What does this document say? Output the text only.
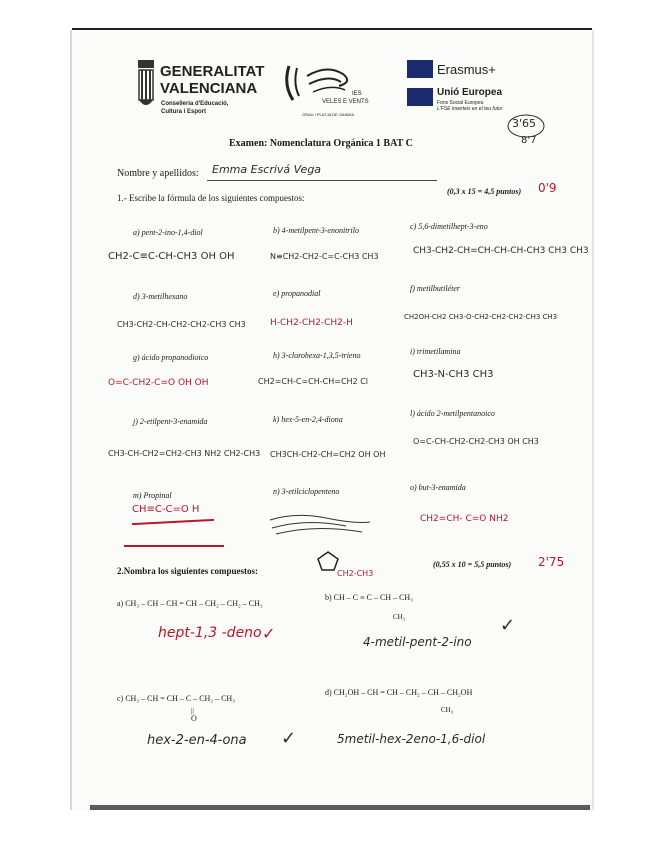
GENERALITAT
VALENCIANA
Conselleria d'Educació,
Cultura i Esport
IES
VELES E VENTS
GRAU I PLATJA DE GANDIA
Erasmus+
Unió Europea
Fons Social Europeu
L'FSE inverteix en el teu futur
3'65
8'7
Examen: Nomenclatura Orgánica 1 BAT C
Nombre y apellidos: Emma Escrivá Vega
1.- Escribe la fórmula de los siguientes compuestos:
(0,3 x 15 = 4,5 puntos) 0'9
a) pent-2-ino-1,4-diol
CH2-C≡C-CH-CH3 OH OH
b) 4-metilpent-3-enonitrilo
N≡CH2-CH2-C=C-CH3 CH3
c) 5,6-dimetilhept-3-eno
CH3-CH2-CH=CH-CH-CH-CH3 CH3 CH3
d) 3-metilhexano
CH3-CH2-CH-CH2-CH2-CH3 CH3
e) propanodial
H-CH2-CH2-CH2-H
f) metilbutiléter
CH2OH-CH2 CH3-O-CH2-CH2-CH2-CH3 CH3
g) ácido propanodioico
O=C-CH2-C=O OH OH
h) 3-clorohexa-1,3,5-trieno
CH2=CH-C=CH-CH=CH2 Cl
i) trimetilamina
CH3-N-CH3 CH3
j) 2-etilpent-3-enamida
CH3-CH-CH2=CH2-CH3 NH2 CH2-CH3
k) hex-5-en-2,4-diona
CH3CH-CH2-CH=CH2 OH OH
l) ácido 2-metilpentanoico
O=C-CH-CH2-CH2-CH3 OH CH3
m) Propinal
CH≡C-C=O H
n) 3-etilciclopenteno
CH2-CH3
o) but-3-enamida
CH2=CH- C=O NH2
2.Nombra los siguientes compuestos:
(0,55 x 10 = 5,5 puntos) 2'75
a) CH₃ – CH – CH = CH – CH₂ – CH₂ – CH₃
hept-1,3 -deno ✓
b) CH – C ≡ C – CH – CH₃
CH₃
4-metil-pent-2-ino
✓
c) CH₃ – CH = CH – C – CH₂ – CH₃
||
O
hex-2-en-4-ona ✓
d) CH₂OH – CH = CH – CH₂ – CH – CH₂OH
CH₃
5metil-hex-2eno-1,6-diol
